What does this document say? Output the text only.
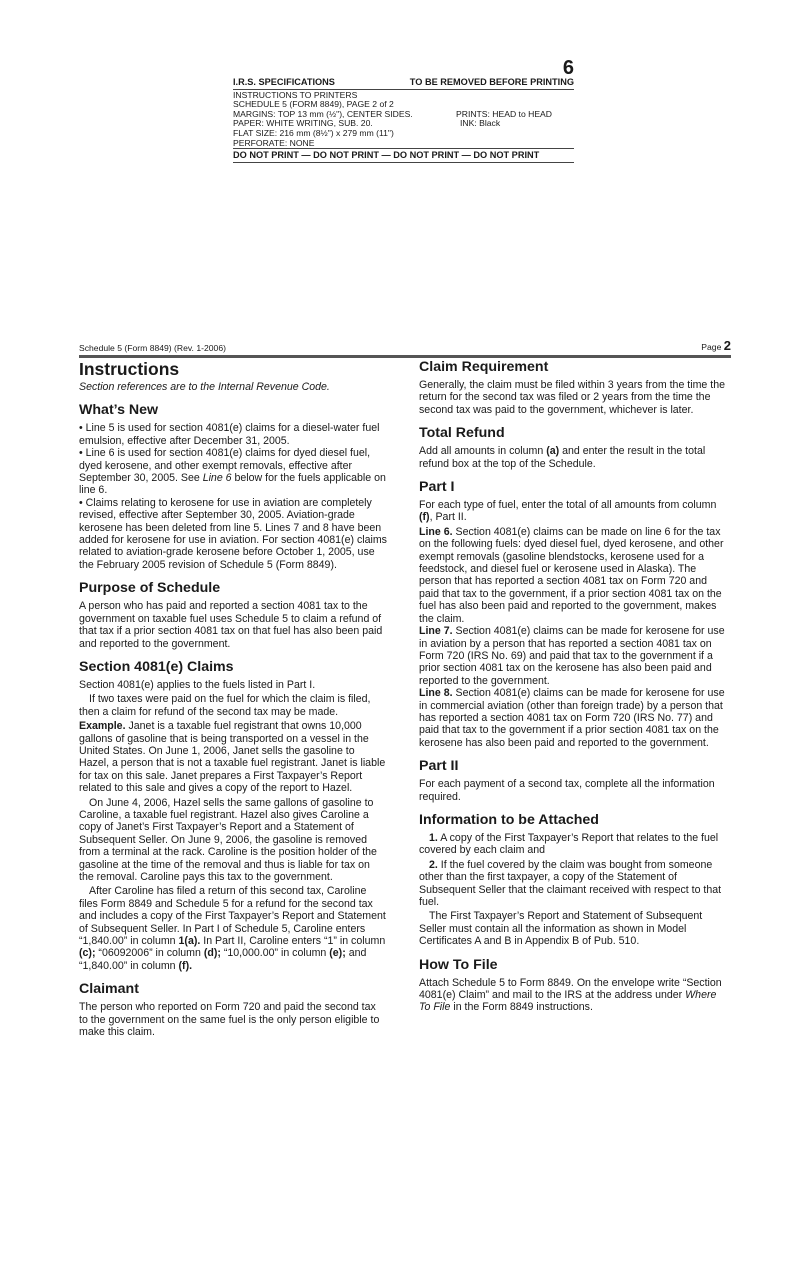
6
I.R.S. SPECIFICATIONS	TO BE REMOVED BEFORE PRINTING
INSTRUCTIONS TO PRINTERS
SCHEDULE 5 (FORM 8849), PAGE 2 of 2
MARGINS: TOP 13 mm (½"), CENTER SIDES.	PRINTS: HEAD to HEAD
PAPER: WHITE WRITING, SUB. 20.	INK: Black
FLAT SIZE: 216 mm (8½") x 279 mm (11")
PERFORATE: NONE
DO NOT PRINT — DO NOT PRINT — DO NOT PRINT — DO NOT PRINT
Schedule 5 (Form 8849) (Rev. 1-2006)	Page 2
Instructions

Section references are to the Internal Revenue Code.

What’s New

• Line 5 is used for section 4081(e) claims for a diesel-water fuel emulsion, effective after December 31, 2005.

• Line 6 is used for section 4081(e) claims for dyed diesel fuel, dyed kerosene, and other exempt removals, effective after September 30, 2005. See Line 6 below for the fuels applicable on line 6.

• Claims relating to kerosene for use in aviation are completely revised, effective after September 30, 2005. Aviation-grade kerosene has been deleted from line 5. Lines 7 and 8 have been added for kerosene for use in aviation. For section 4081(e) claims related to aviation-grade kerosene before October 1, 2005, use the February 2005 revision of Schedule 5 (Form 8849).

Purpose of Schedule

A person who has paid and reported a section 4081 tax to the government on taxable fuel uses Schedule 5 to claim a refund of that tax if a prior section 4081 tax on that fuel has also been paid and reported to the government.

Section 4081(e) Claims

Section 4081(e) applies to the fuels listed in Part I.

If two taxes were paid on the fuel for which the claim is filed, then a claim for refund of the second tax may be made.

Example. Janet is a taxable fuel registrant that owns 10,000 gallons of gasoline that is being transported on a vessel in the United States. On June 1, 2006, Janet sells the gasoline to Hazel, a person that is not a taxable fuel registrant. Janet is liable for tax on this sale. Janet prepares a First Taxpayer’s Report related to this sale and gives a copy of the report to Hazel.

On June 4, 2006, Hazel sells the same gallons of gasoline to Caroline, a taxable fuel registrant. Hazel also gives Caroline a copy of Janet’s First Taxpayer’s Report and a Statement of Subsequent Seller. On June 9, 2006, the gasoline is removed from a terminal at the rack. Caroline is the position holder of the gasoline at the time of the removal and thus is liable for tax on the removal. Caroline pays this tax to the government.

After Caroline has filed a return of this second tax, Caroline files Form 8849 and Schedule 5 for a refund for the second tax and includes a copy of the First Taxpayer’s Report and Statement of Subsequent Seller. In Part I of Schedule 5, Caroline enters “1,840.00” in column 1(a). In Part II, Caroline enters “1” in column (c); “06092006” in column (d); “10,000.00” in column (e); and “1,840.00” in column (f).

Claimant

The person who reported on Form 720 and paid the second tax to the government on the same fuel is the only person eligible to make this claim.

Claim Requirement

Generally, the claim must be filed within 3 years from the time the return for the second tax was filed or 2 years from the time the second tax was paid to the government, whichever is later.

Total Refund

Add all amounts in column (a) and enter the result in the total refund box at the top of the Schedule.

Part I

For each type of fuel, enter the total of all amounts from column (f), Part II.

Line 6. Section 4081(e) claims can be made on line 6 for the tax on the following fuels: dyed diesel fuel, dyed kerosene, and other exempt removals (gasoline blendstocks, kerosene used for a feedstock, and diesel fuel or kerosene used in Alaska). The person that has reported a section 4081 tax on Form 720 and paid that tax to the government, if a prior section 4081 tax on the fuel has also been paid and reported to the government, makes the claim.

Line 7. Section 4081(e) claims can be made for kerosene for use in aviation by a person that has reported a section 4081 tax on Form 720 (IRS No. 69) and paid that tax to the government if a prior section 4081 tax on the kerosene has also been paid and reported to the government.

Line 8. Section 4081(e) claims can be made for kerosene for use in commercial aviation (other than foreign trade) by a person that has reported a section 4081 tax on Form 720 (IRS No. 77) and paid that tax to the government if a prior section 4081 tax on the kerosene has also been paid and reported to the government.

Part II

For each payment of a second tax, complete all the information required.

Information to be Attached

1. A copy of the First Taxpayer’s Report that relates to the fuel covered by each claim and

2. If the fuel covered by the claim was bought from someone other than the first taxpayer, a copy of the Statement of Subsequent Seller that the claimant received with respect to that fuel.

The First Taxpayer’s Report and Statement of Subsequent Seller must contain all the information as shown in Model Certificates A and B in Appendix B of Pub. 510.

How To File

Attach Schedule 5 to Form 8849. On the envelope write “Section 4081(e) Claim” and mail to the IRS at the address under Where To File in the Form 8849 instructions.
